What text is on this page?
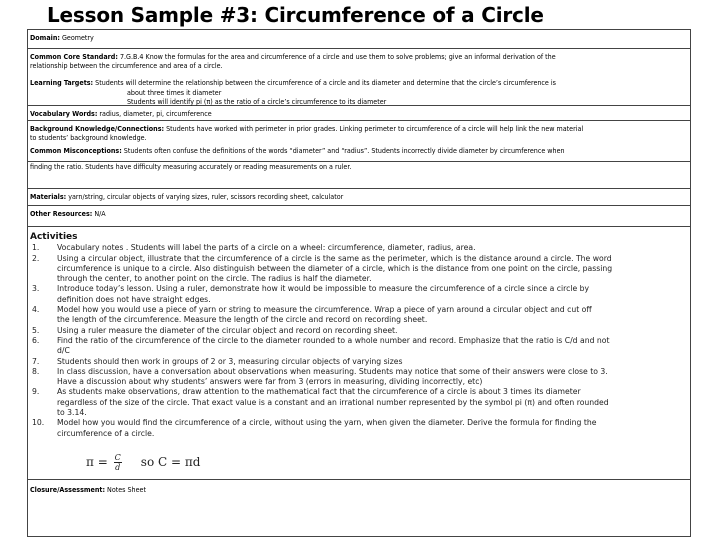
Lesson Sample #3: Circumference of a Circle
Domain: Geometry

Common Core Standard: 7.G.B.4 Know the formulas for the area and circumference of a circle and use them to solve problems; give an informal derivation of the

relationship between the circumference and area of a circle.

Learning Targets: Students will determine the relationship between the circumference of a circle and its diameter and determine that the circle’s circumference is

about three times it diameter

Students will identify pi (π) as the ratio of a circle’s circumference to its diameter

Vocabulary Words: radius, diameter, pi, circumference
Background Knowledge/Connections: Students have worked with perimeter in prior grades. Linking perimeter to circumference of a circle will help link the new material
to students’ background knowledge.
Common Misconceptions: Students often confuse the definitions of the words “diameter” and “radius”. Students incorrectly divide diameter by circumference when
finding the ratio. Students have difficulty measuring accurately or reading measurements on a ruler.
Materials: yarn/string, circular objects of varying sizes, ruler, scissors recording sheet, calculator
Other Resources: N/A
Activities
1.	Vocabulary notes . Students will label the parts of a circle on a wheel: circumference, diameter, radius, area.
2.	Using a circular object, illustrate that the circumference of a circle is the same as the perimeter, which is the distance around a circle. The word
circumference is unique to a circle. Also distinguish between the diameter of a circle, which is the distance from one point on the circle, passing
through the center, to another point on the circle. The radius is half the diameter.
3.	Introduce today’s lesson. Using a ruler, demonstrate how it would be impossible to measure the circumference of a circle since a circle by
definition does not have straight edges.
4.	Model how you would use a piece of yarn or string to measure the circumference. Wrap a piece of yarn around a circular object and cut off
the length of the circumference. Measure the length of the circle and record on recording sheet.
5.	Using a ruler measure the diameter of the circular object and record on recording sheet.
6.	Find the ratio of the circumference of the circle to the diameter rounded to a whole number and record. Emphasize that the ratio is C/d and not
d/C
7.	Students should then work in groups of 2 or 3, measuring circular objects of varying sizes
8.	In class discussion, have a conversation about observations when measuring. Students may notice that some of their answers were close to 3.
Have a discussion about why students’ answers were far from 3 (errors in measuring, dividing incorrectly, etc)
9.	As students make observations, draw attention to the mathematical fact that the circumference of a circle is about 3 times its diameter
regardless of the size of the circle. That exact value is a constant and an irrational number represented by the symbol pi (π) and often rounded
to 3.14.
10.	Model how you would find the circumference of a circle, without using the yarn, when given the diameter. Derive the formula for finding the
circumference of a circle.
$\pi = \frac{C}{d}$ so C = πd
Closure/Assessment: Notes Sheet
